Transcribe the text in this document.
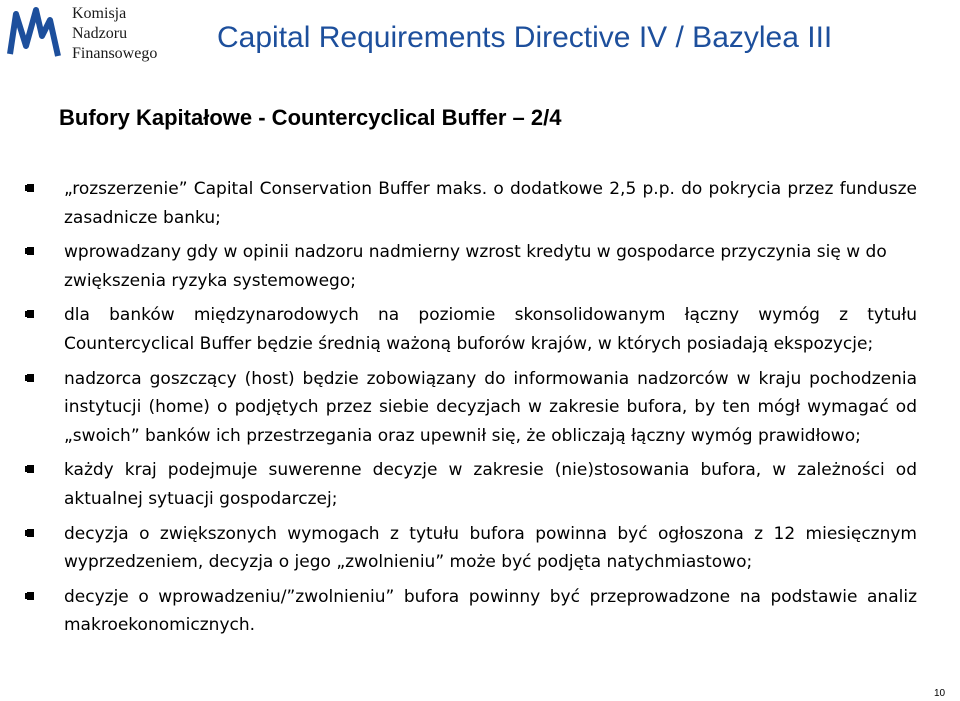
Komisja
Nadzoru
Finansowego Capital Requirements Directive IV / Bazylea III
Bufory Kapitałowe - Countercyclical Buffer – 2/4
„rozszerzenie” Capital Conservation Buffer maks. o dodatkowe 2,5 p.p. do pokrycia przez fundusze zasadnicze banku;
wprowadzany gdy w opinii nadzoru nadmierny wzrost kredytu w gospodarce przyczynia się w do zwiększenia ryzyka systemowego;
dla banków międzynarodowych na poziomie skonsolidowanym łączny wymóg z tytułu Countercyclical Buffer będzie średnią ważoną buforów krajów, w których posiadają ekspozycje;
nadzorca goszczący (host) będzie zobowiązany do informowania nadzorców w kraju pochodzenia instytucji (home) o podjętych przez siebie decyzjach w zakresie bufora, by ten mógł wymagać od „swoich” banków ich przestrzegania oraz upewnił się, że obliczają łączny wymóg prawidłowo;
każdy kraj podejmuje suwerenne decyzje w zakresie (nie)stosowania bufora, w zależności od aktualnej sytuacji gospodarczej;
decyzja o zwiększonych wymogach z tytułu bufora powinna być ogłoszona z 12 miesięcznym wyprzedzeniem, decyzja o jego „zwolnieniu” może być podjęta natychmiastowo;
decyzje o wprowadzeniu/”zwolnieniu” bufora powinny być przeprowadzone na podstawie analiz makroekonomicznych.
10
